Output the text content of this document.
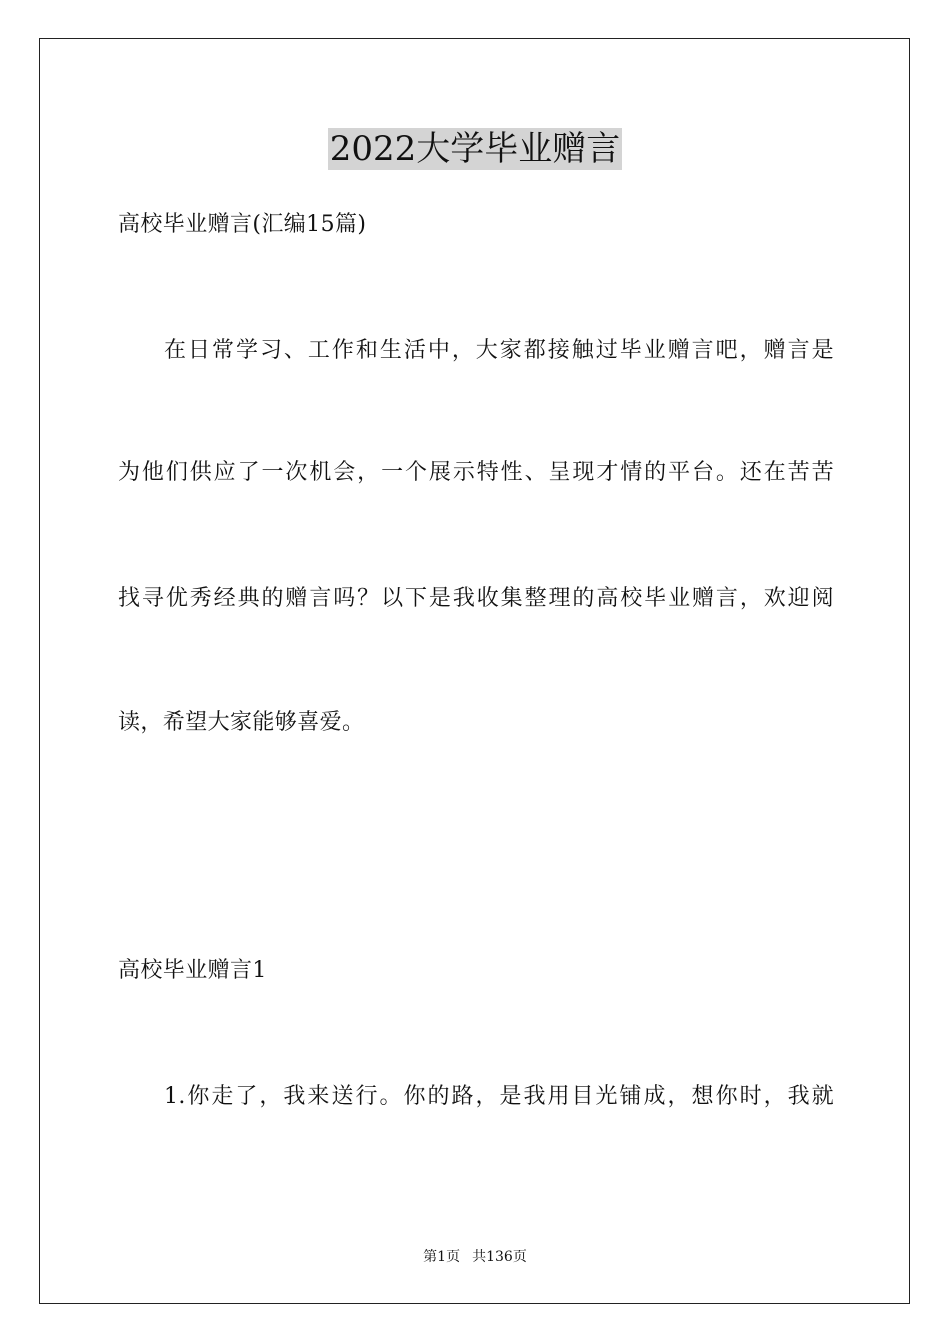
2022大学毕业赠言
高校毕业赠言(汇编15篇)
在日常学习、工作和生活中，大家都接触过毕业赠言吧，赠言是
为他们供应了一次机会，一个展示特性、呈现才情的平台。还在苦苦
找寻优秀经典的赠言吗？以下是我收集整理的高校毕业赠言，欢迎阅
读，希望大家能够喜爱。
高校毕业赠言1
1.你走了，我来送行。你的路，是我用目光铺成，想你时，我就
第1页 共136页
